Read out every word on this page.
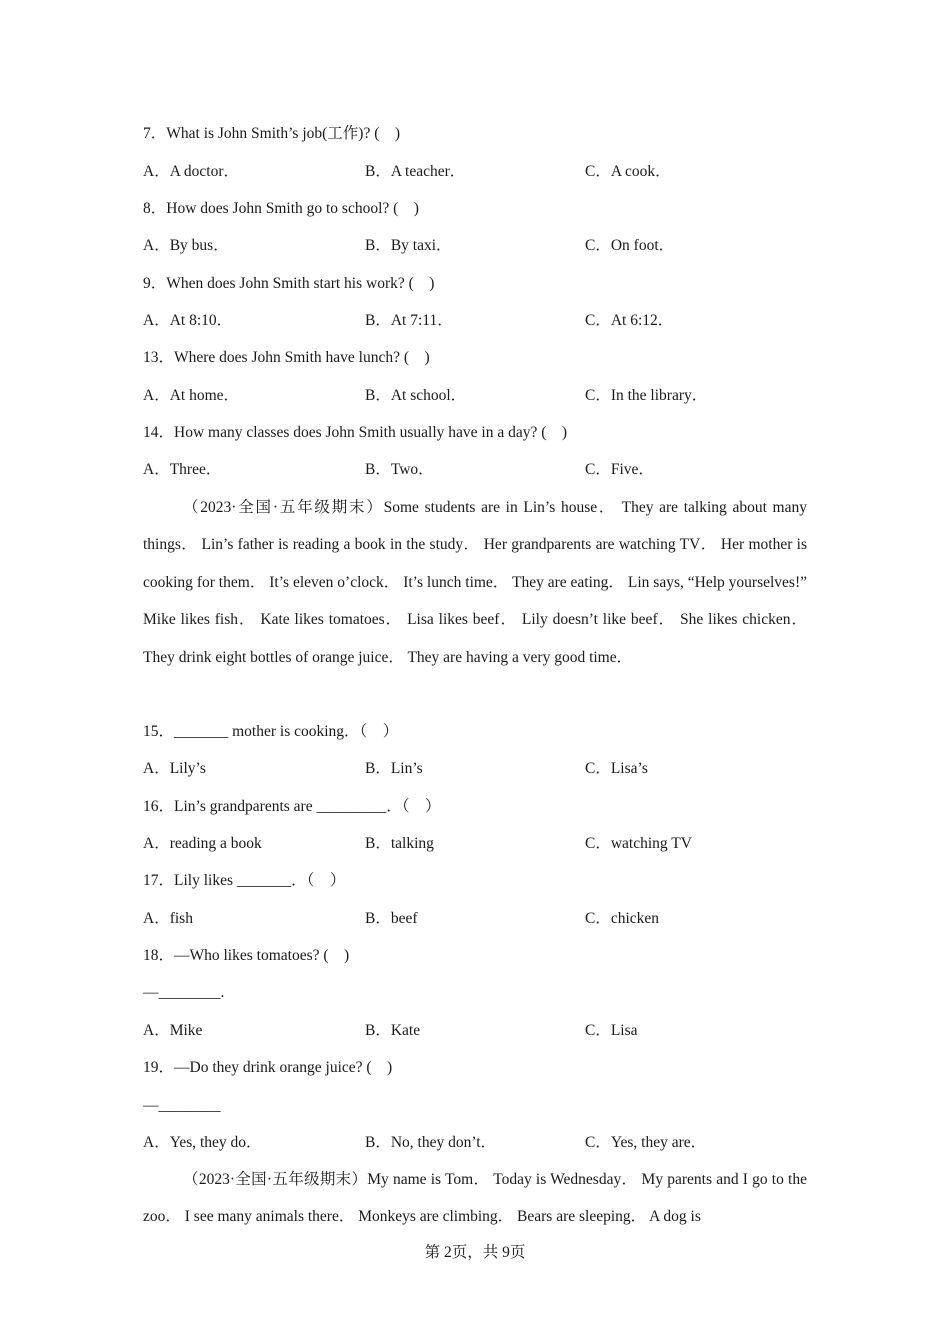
7．What is John Smith’s job(工作)? (　)
A．A doctor．	B．A teacher．	C．A cook．
8．How does John Smith go to school? (　)
A．By bus．	B．By taxi．	C．On foot．
9．When does John Smith start his work? (　)
A．At 8:10．	B．At 7:11．	C．At 6:12．
13．Where does John Smith have lunch? (　)
A．At home．	B．At school．	C．In the library．
14．How many classes does John Smith usually have in a day? (　)
A．Three．	B．Two．	C．Five．

（2023·全国·五年级期末）Some students are in Lin’s house． They are talking about many things． Lin’s father is reading a book in the study． Her grandparents are watching TV． Her mother is cooking for them． It’s eleven o’clock． It’s lunch time． They are eating． Lin says, “Help yourselves!” Mike likes fish． Kate likes tomatoes． Lisa likes beef． Lily doesn’t like beef． She likes chicken． They drink eight bottles of orange juice． They are having a very good time．

15．_______ mother is cooking．（　）
A．Lily’s	B．Lin’s	C．Lisa’s
16．Lin’s grandparents are _________．（　）
A．reading a book	B．talking	C．watching TV
17．Lily likes _______．（　）
A．fish	B．beef	C．chicken
18．—Who likes tomatoes? (　)
—________.
A．Mike	B．Kate	C．Lisa
19．—Do they drink orange juice? (　)
—________
A．Yes, they do．	B．No, they don’t．	C．Yes, they are．

（2023·全国·五年级期末）My name is Tom． Today is Wednesday． My parents and I go to the zoo． I see many animals there． Monkeys are climbing． Bears are sleeping． A dog is

第 2页，共 9页
